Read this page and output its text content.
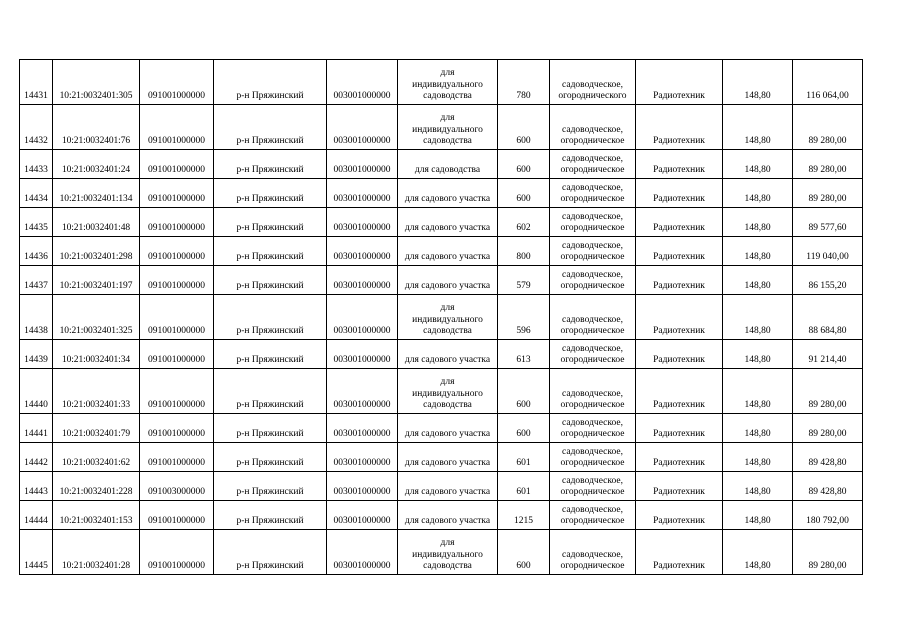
14431	10:21:0032401:305	091001000000	р-н Пряжинский	003001000000	для
индивидуального
садоводства	780	садоводческое,
огороднического	Радиотехник	148,80	116 064,00
14432	10:21:0032401:76	091001000000	р-н Пряжинский	003001000000	для
индивидуального
садоводства	600	садоводческое,
огородническое	Радиотехник	148,80	89 280,00
14433	10:21:0032401:24	091001000000	р-н Пряжинский	003001000000	для садоводства	600	садоводческое,
огородническое	Радиотехник	148,80	89 280,00
14434	10:21:0032401:134	091001000000	р-н Пряжинский	003001000000	для садового участка	600	садоводческое,
огородническое	Радиотехник	148,80	89 280,00
14435	10:21:0032401:48	091001000000	р-н Пряжинский	003001000000	для садового участка	602	садоводческое,
огородническое	Радиотехник	148,80	89 577,60
14436	10:21:0032401:298	091001000000	р-н Пряжинский	003001000000	для садового участка	800	садоводческое,
огородническое	Радиотехник	148,80	119 040,00
14437	10:21:0032401:197	091001000000	р-н Пряжинский	003001000000	для садового участка	579	садоводческое,
огородническое	Радиотехник	148,80	86 155,20
14438	10:21:0032401:325	091001000000	р-н Пряжинский	003001000000	для
индивидуального
садоводства	596	садоводческое,
огородническое	Радиотехник	148,80	88 684,80
14439	10:21:0032401:34	091001000000	р-н Пряжинский	003001000000	для садового участка	613	садоводческое,
огородническое	Радиотехник	148,80	91 214,40
14440	10:21:0032401:33	091001000000	р-н Пряжинский	003001000000	для
индивидуального
садоводства	600	садоводческое,
огородническое	Радиотехник	148,80	89 280,00
14441	10:21:0032401:79	091001000000	р-н Пряжинский	003001000000	для садового участка	600	садоводческое,
огородническое	Радиотехник	148,80	89 280,00
14442	10:21:0032401:62	091001000000	р-н Пряжинский	003001000000	для садового участка	601	садоводческое,
огородническое	Радиотехник	148,80	89 428,80
14443	10:21:0032401:228	091003000000	р-н Пряжинский	003001000000	для садового участка	601	садоводческое,
огородническое	Радиотехник	148,80	89 428,80
14444	10:21:0032401:153	091001000000	р-н Пряжинский	003001000000	для садового участка	1215	садоводческое,
огородническое	Радиотехник	148,80	180 792,00
14445	10:21:0032401:28	091001000000	р-н Пряжинский	003001000000	для
индивидуального
садоводства	600	садоводческое,
огородническое	Радиотехник	148,80	89 280,00
